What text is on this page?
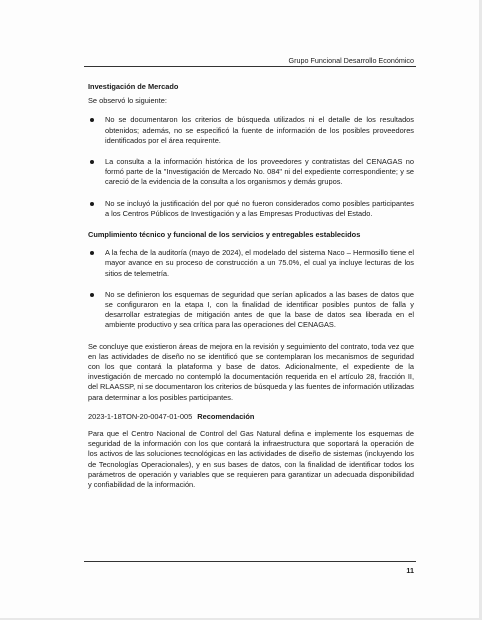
Grupo Funcional Desarrollo Económico
Investigación de Mercado
Se observó lo siguiente:
No se documentaron los criterios de búsqueda utilizados ni el detalle de los resultados obtenidos; además, no se especificó la fuente de información de los posibles proveedores identificados por el área requirente.
La consulta a la información histórica de los proveedores y contratistas del CENAGAS no formó parte de la "Investigación de Mercado No. 084" ni del expediente correspondiente; y se careció de la evidencia de la consulta a los organismos y demás grupos.
No se incluyó la justificación del por qué no fueron considerados como posibles participantes a los Centros Públicos de Investigación y a las Empresas Productivas del Estado.
Cumplimiento técnico y funcional de los servicios y entregables establecidos
A la fecha de la auditoría (mayo de 2024), el modelado del sistema Naco – Hermosillo tiene el mayor avance en su proceso de construcción a un 75.0%, el cual ya incluye lecturas de los sitios de telemetría.
No se definieron los esquemas de seguridad que serían aplicados a las bases de datos que se configuraron en la etapa I, con la finalidad de identificar posibles puntos de falla y desarrollar estrategias de mitigación antes de que la base de datos sea liberada en el ambiente productivo y sea crítica para las operaciones del CENAGAS.
Se concluye que existieron áreas de mejora en la revisión y seguimiento del contrato, toda vez que en las actividades de diseño no se identificó que se contemplaran los mecanismos de seguridad con los que contará la plataforma y base de datos. Adicionalmente, el expediente de la investigación de mercado no contempló la documentación requerida en el artículo 28, fracción II, del RLAASSP, ni se documentaron los criterios de búsqueda y las fuentes de información utilizadas para determinar a los posibles participantes.
2023-1-18TON-20-0047-01-005 Recomendación
Para que el Centro Nacional de Control del Gas Natural defina e implemente los esquemas de seguridad de la información con los que contará la infraestructura que soportará la operación de los activos de las soluciones tecnológicas en las actividades de diseño de sistemas (incluyendo los de Tecnologías Operacionales), y en sus bases de datos, con la finalidad de identificar todos los parámetros de operación y variables que se requieren para garantizar un adecuada disponibilidad y confiabilidad de la información.
11
